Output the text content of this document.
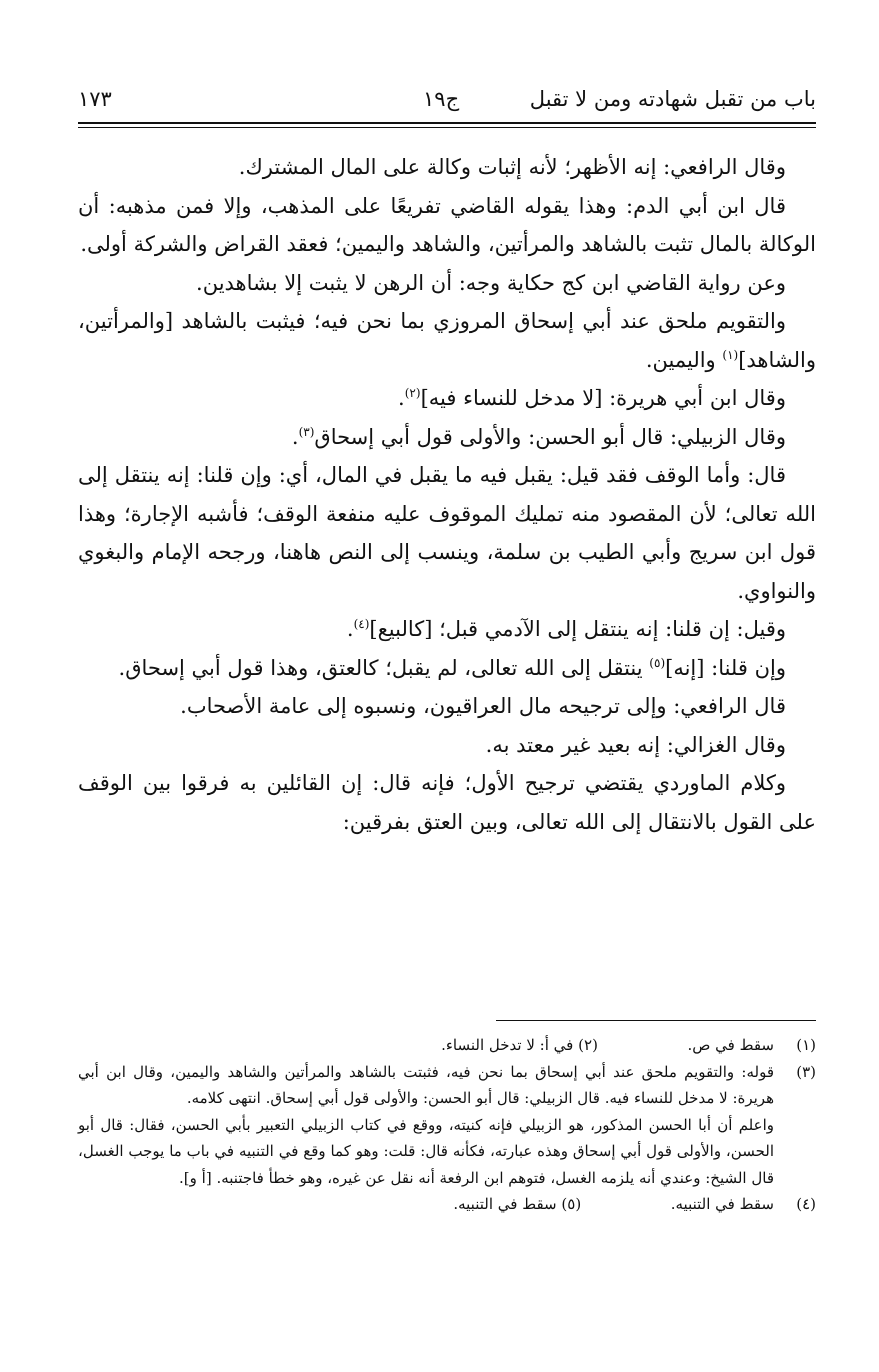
باب من تقبل شهادته ومن لا تقبل
ج١٩
١٧٣

وقال الرافعي: إنه الأظهر؛ لأنه إثبات وكالة على المال المشترك.

قال ابن أبي الدم: وهذا يقوله القاضي تفريعًا على المذهب، وإلا فمن مذهبه: أن الوكالة بالمال تثبت بالشاهد والمرأتين، والشاهد واليمين؛ فعقد القراض والشركة أولى.

وعن رواية القاضي ابن كج حكاية وجه: أن الرهن لا يثبت إلا بشاهدين.

والتقويم ملحق عند أبي إسحاق المروزي بما نحن فيه؛ فيثبت بالشاهد [والمرأتين، والشاهد]$^{(١)}$ واليمين.

وقال ابن أبي هريرة: [لا مدخل للنساء فيه]$^{(٢)}$.

وقال الزبيلي: قال أبو الحسن: والأولى قول أبي إسحاق$^{(٣)}$.

قال: وأما الوقف فقد قيل: يقبل فيه ما يقبل في المال، أي: وإن قلنا: إنه ينتقل إلى الله تعالى؛ لأن المقصود منه تمليك الموقوف عليه منفعة الوقف؛ فأشبه الإجارة؛ وهذا قول ابن سريج وأبي الطيب بن سلمة، وينسب إلى النص هاهنا، ورجحه الإمام والبغوي والنواوي.

وقيل: إن قلنا: إنه ينتقل إلى الآدمي قبل؛ [كالبيع]$^{(٤)}$.

وإن قلنا: [إنه]$^{(٥)}$ ينتقل إلى الله تعالى، لم يقبل؛ كالعتق، وهذا قول أبي إسحاق.

قال الرافعي: وإلى ترجيحه مال العراقيون، ونسبوه إلى عامة الأصحاب.

وقال الغزالي: إنه بعيد غير معتد به.

وكلام الماوردي يقتضي ترجيح الأول؛ فإنه قال: إن القائلين به فرقوا بين الوقف على القول بالانتقال إلى الله تعالى، وبين العتق بفرقين:

(١)
سقط في ص.  (٢) في أ: لا تدخل النساء.

(٣)
قوله: والتقويم ملحق عند أبي إسحاق بما نحن فيه، فثبتت بالشاهد والمرأتين والشاهد واليمين، وقال ابن أبي هريرة: لا مدخل للنساء فيه. قال الزبيلي: قال أبو الحسن: والأولى قول أبي إسحاق. انتهى كلامه.

واعلم أن أبا الحسن المذكور، هو الزبيلي فإنه كنيته، ووقع في كتاب الزبيلي التعبير بأبي الحسن، فقال: قال أبو الحسن، والأولى قول أبي إسحاق وهذه عبارته، فكأنه قال: قلت: وهو كما وقع في التنبيه في باب ما يوجب الغسل، قال الشيخ: وعندي أنه يلزمه الغسل، فتوهم ابن الرفعة أنه نقل عن غيره، وهو خطأ فاجتنبه. [أ و].

(٤)
سقط في التنبيه.  (٥) سقط في التنبيه.
